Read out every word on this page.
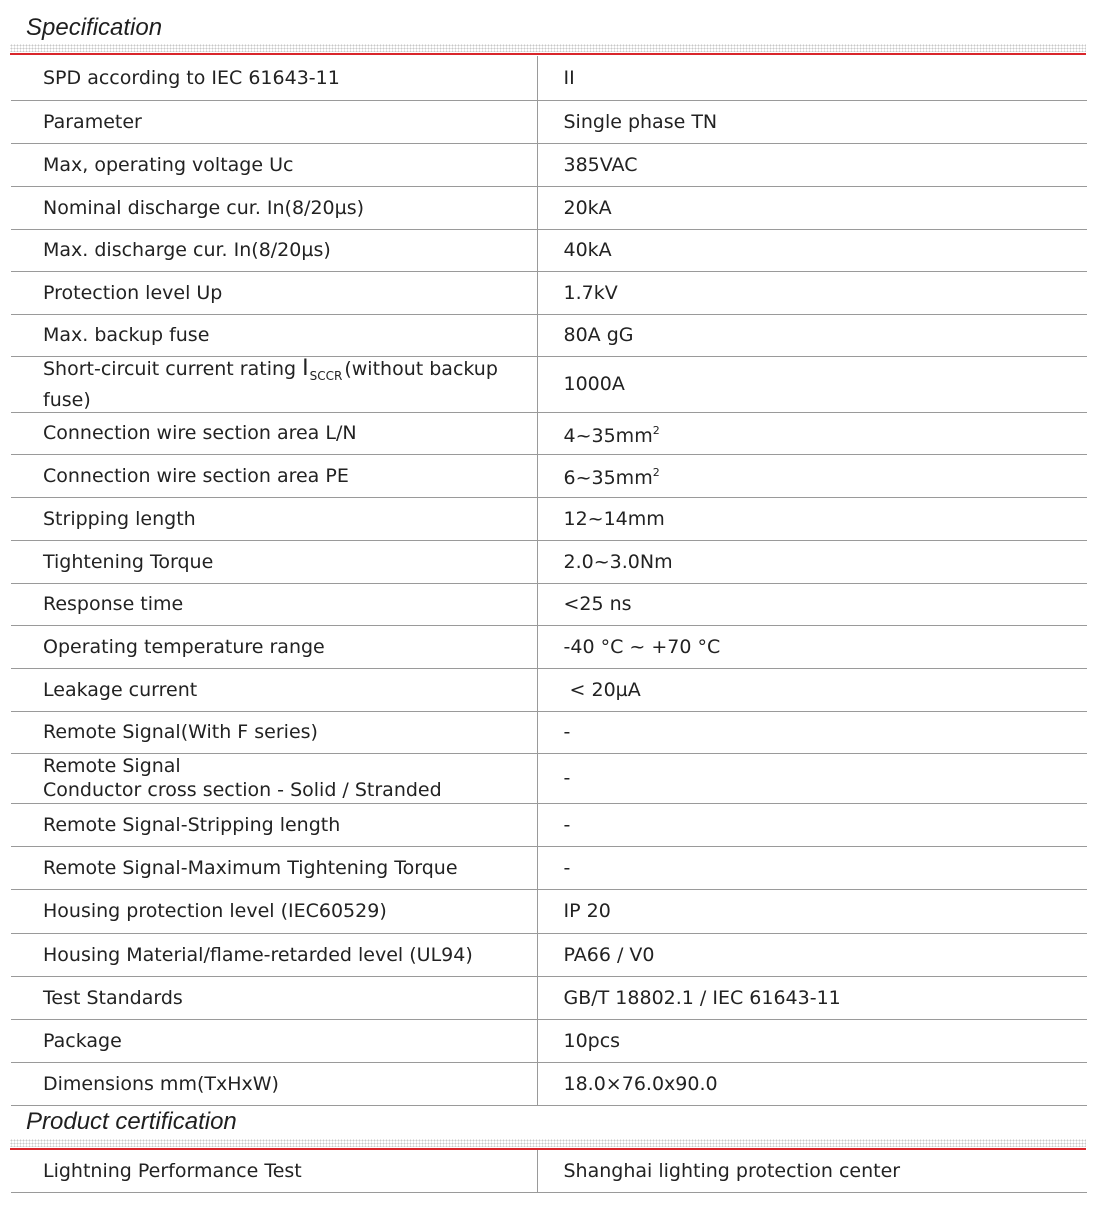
Specification
SPD according to IEC 61643-11	II
Parameter	Single phase TN
Max, operating voltage Uc	385VAC
Nominal discharge cur. In(8/20µs)	20kA
Max. discharge cur. In(8/20µs)	40kA
Protection level Up	1.7kV
Max. backup fuse	80A gG
Short-circuit current rating $I_{SCCR}$ (without backup fuse)	1000A
Connection wire section area L/N	$4\sim 35mm^2$
Connection wire section area PE	$6\sim 35mm^2$
Stripping length	12~14mm
Tightening Torque	2.0~3.0Nm
Response time	<25 ns
Operating temperature range	-40 °C ~ +70 °C
Leakage current	< 20µA
Remote Signal(With F series)	-

Remote Signal
Conductor cross section - Solid / Stranded	-
Remote Signal-Stripping length	-
Remote Signal-Maximum Tightening Torque	-
Housing protection level (IEC60529)	IP 20
Housing Material/flame-retarded level (UL94)	PA66 / V0
Test Standards	GB/T 18802.1 / IEC 61643-11
Package	10pcs
Dimensions mm(TxHxW)	18.0×76.0x90.0
Product certification
Lightning Performance Test	Shanghai lighting protection center
